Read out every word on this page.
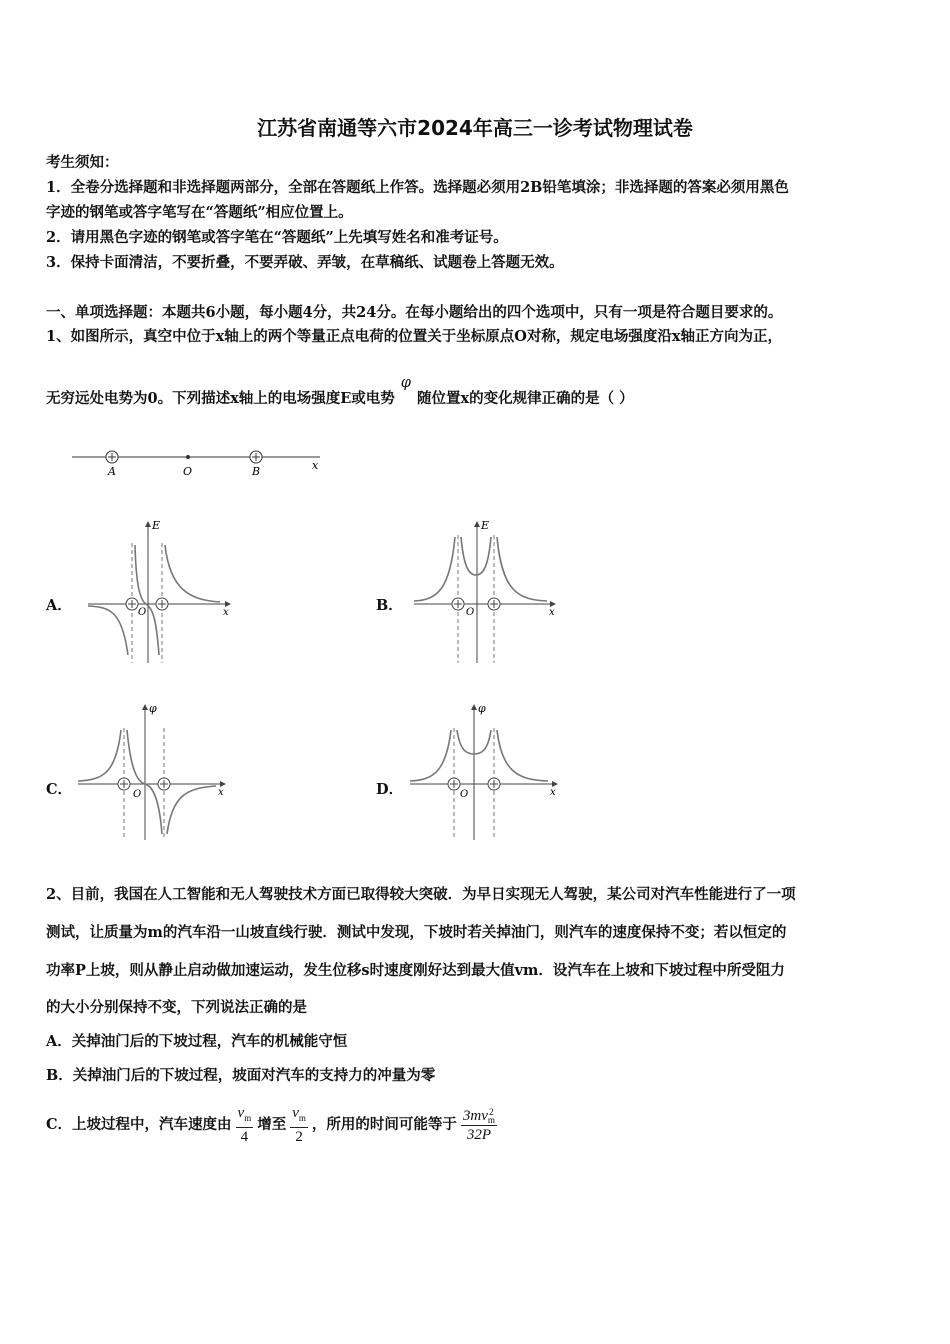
江苏省南通等六市2024年高三一诊考试物理试卷
考生须知：
1．全卷分选择题和非选择题两部分，全部在答题纸上作答。选择题必须用2B铅笔填涂；非选择题的答案必须用黑色
字迹的钢笔或答字笔写在“答题纸”相应位置上。
2．请用黑色字迹的钢笔或答字笔在“答题纸”上先填写姓名和准考证号。
3．保持卡面清洁，不要折叠，不要弄破、弄皱，在草稿纸、试题卷上答题无效。
一、单项选择题：本题共6小题，每小题4分，共24分。在每小题给出的四个选项中，只有一项是符合题目要求的。
1、如图所示，真空中位于x轴上的两个等量正点电荷的位置关于坐标原点O对称，规定电场强度沿x轴正方向为正，
无穷远处电势为0。下列描述x轴上的电场强度E或电势φ随位置x的变化规律正确的是（ ）
A	O	B	x
A．	B．
C．	D．
E
O	x
E
O	x
φ
O	x
φ
O	x
2、目前，我国在人工智能和无人驾驶技术方面已取得较大突破．为早日实现无人驾驶，某公司对汽车性能进行了一项
测试，让质量为m的汽车沿一山坡直线行驶．测试中发现，下坡时若关掉油门，则汽车的速度保持不变；若以恒定的
功率P上坡，则从静止启动做加速运动，发生位移s时速度刚好达到最大值vm．设汽车在上坡和下坡过程中所受阻力
的大小分别保持不变，下列说法正确的是
A．关掉油门后的下坡过程，汽车的机械能守恒
B．关掉油门后的下坡过程，坡面对汽车的支持力的冲量为零
C．上坡过程中，汽车速度由 $\frac{v_m}{4}$ 增至 $\frac{v_m}{2}$ ，所用的时间可能等于 3mv 2
m
32P
